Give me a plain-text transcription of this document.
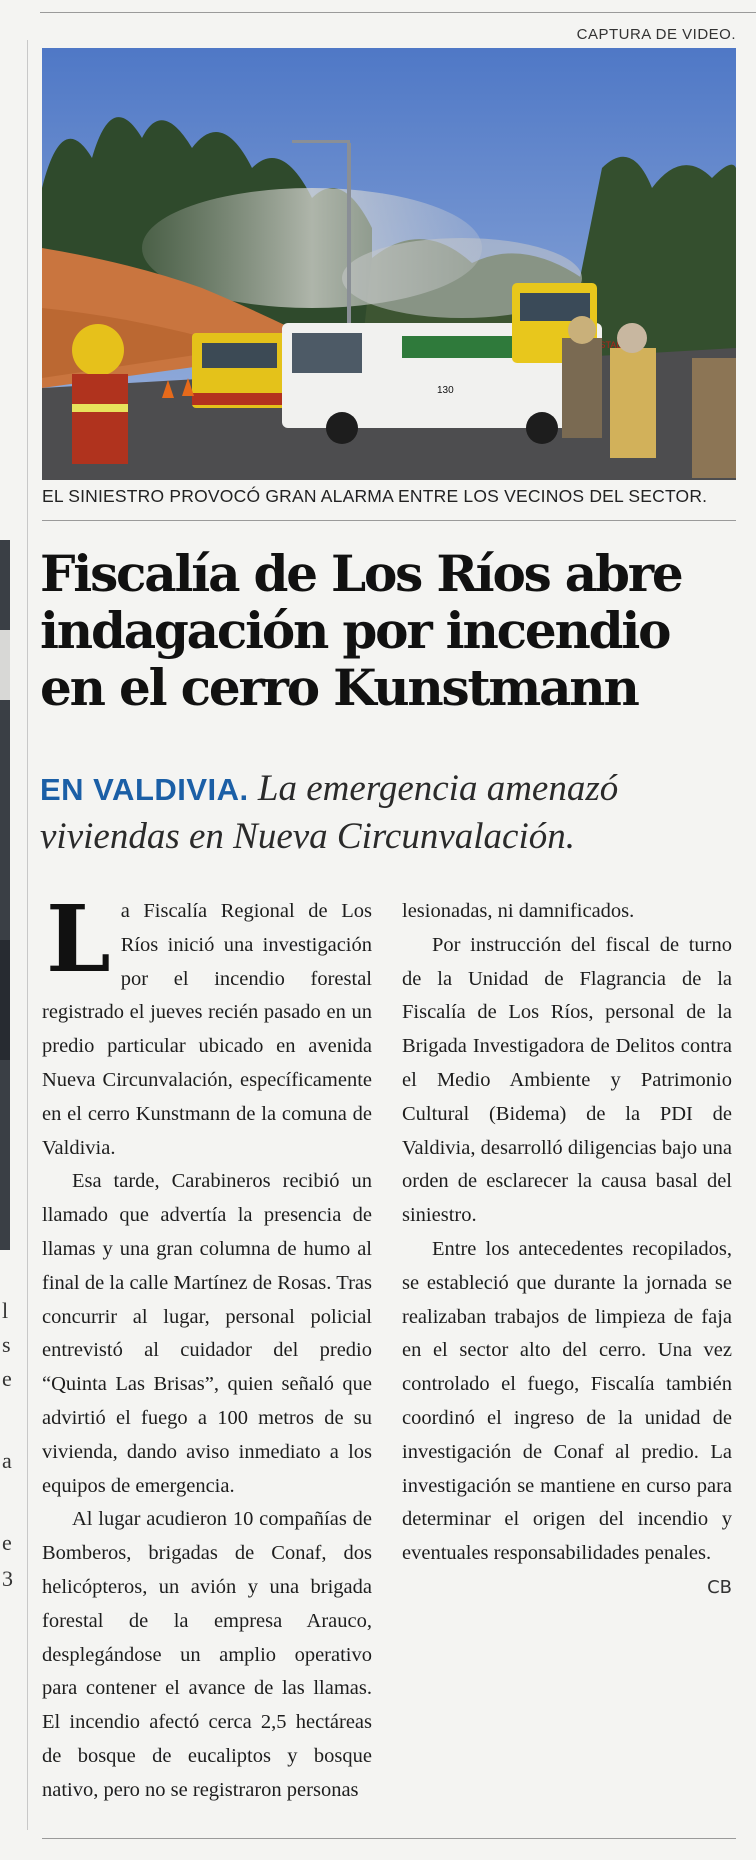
CAPTURA DE VIDEO.
FORESTALES
130
EL SINIESTRO PROVOCÓ GRAN ALARMA ENTRE LOS VECINOS DEL SECTOR.
l
s
e
a
e
3
Fiscalía de Los Ríos abre indagación por incendio en el cerro Kunstmann

EN VALDIVIA. La emergencia amenazó viviendas en Nueva Circunvalación.

La Fiscalía Regional de Los Ríos inició una investigación por el incendio forestal registrado el jueves recién pasado en un predio particular ubicado en avenida Nueva Circunvalación, específicamente en el cerro Kunstmann de la comuna de Valdivia.

Esa tarde, Carabineros recibió un llamado que advertía la presencia de llamas y una gran columna de humo al final de la calle Martínez de Rosas. Tras concurrir al lugar, personal policial entrevistó al cuidador del predio “Quinta Las Brisas”, quien señaló que advirtió el fuego a 100 metros de su vivienda, dando aviso inmediato a los equipos de emergencia.

Al lugar acudieron 10 compañías de Bomberos, brigadas de Conaf, dos helicópteros, un avión y una brigada forestal de la empresa Arauco, desplegándose un amplio operativo para contener el avance de las llamas. El incendio afectó cerca 2,5 hectáreas de bosque de eucaliptos y bosque nativo, pero no se registraron personas

lesionadas, ni damnificados.

Por instrucción del fiscal de turno de la Unidad de Flagrancia de la Fiscalía de Los Ríos, personal de la Brigada Investigadora de Delitos contra el Medio Ambiente y Patrimonio Cultural (Bidema) de la PDI de Valdivia, desarrolló diligencias bajo una orden de esclarecer la causa basal del siniestro.

Entre los antecedentes recopilados, se estableció que durante la jornada se realizaban trabajos de limpieza de faja en el sector alto del cerro. Una vez controlado el fuego, Fiscalía también coordinó el ingreso de la unidad de investigación de Conaf al predio. La investigación se mantiene en curso para determinar el origen del incendio y eventuales responsabilidades penales.
CB
